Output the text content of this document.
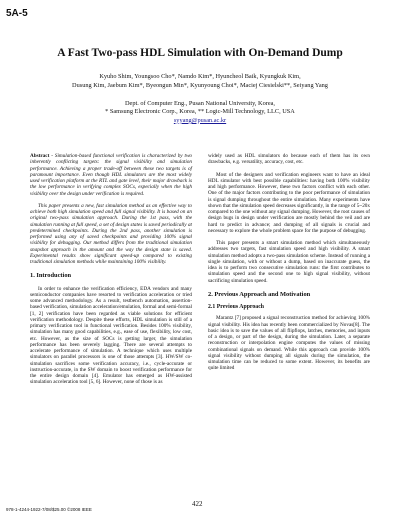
5A-5
A Fast Two-pass HDL Simulation with On-Demand Dump
Kyuho Shim, Youngsoo Cho*, Namdo Kim*, Hyuncheol Baik, Kyungkuk Kim,
Dusung Kim, Jaebum Kim*, Byeongun Min*, Kyunyoung Choi*, Maciej Ciesielski**, Seiyang Yang
Dept. of Computer Eng., Pusan National University, Korea,
* Samsung Electronic Corp., Korea, ** Logic-Mill Technology, LLC, USA
syyang@pusan.ac.kr

Abstract - Simulation-based functional verification is characterized by two inherently conflicting targets: the signal visibility and simulation performance. Achieving a proper trade-off between these two targets is of paramount importance. Even though HDL simulators are the most widely used verification platform at the RTL and gate level, their major drawback is the low performance in verifying complex SOCs, especially when the high visibility over the design under verification is required.

This paper presents a new, fast simulation method as an effective way to achieve both high simulation speed and full signal visibility. It is based on an original two-pass simulation approach. During the 1st pass, with the simulation running at full speed, a set of design states is saved periodically at predetermined checkpoints. During the 2nd pass, another simulation is performed using any of saved checkpoints and providing 100% signal visibility for debugging. Our method differs from the traditional simulation snapshot approach in the amount and the way the design state is saved. Experimental results show significant speed-up compared to existing traditional simulation methods while maintaining 100% visibility.

1. Introduction

In order to enhance the verification efficiency, EDA vendors and many semiconductor companies have resorted to verification acceleration or tried some advanced methodology. As a result, testbench automation, assertion-based verification, simulation acceleration/emulation, formal and semi-formal [1, 2] verification have been regarded as viable solutions for efficient verification methodology. Despite these efforts, HDL simulation is still of a primary verification tool in functional verification. Besides 100% visibility, simulation has many good capabilities, e.g., ease of use, flexibility, low cost, etc. However, as the size of SOCs is getting larger, the simulation performance has been severely lagging. There are several attempts to accelerate performance of simulation. A technique which uses multiple simulators on parallel processors is one of those attempts [3]. HW/SW co-simulation sacrifices some verification accuracy, i.e., cycle-accurate or instruction-accurate, in the SW domain to boost verification performance for the entire design domain [4]. Emulator has emerged as HW-assisted simulation acceleration tool [5, 6]. However, none of those is as

widely used as HDL simulators do because each of them has its own drawbacks, e.g. versatility, accuracy, cost, etc.

Most of the designers and verification engineers want to have an ideal HDL simulator with best possible capabilities: having both 100% visibility and high performance. However, these two factors conflict with each other. One of the major factors contributing to the poor performance of simulation is signal dumping throughout the entire simulation. Many experiments have shown that the simulation speed decreases significantly, in the range of 5~20x compared to the one without any signal dumping. However, the root causes of design bugs in design under verification are mostly behind the veil and are hard to predict in advance; and dumping of all signals is crucial and necessary to explore the whole problem space for the purpose of debugging.

This paper presents a smart simulation method which simultaneously addresses two targets, fast simulation speed and high visibility. A smart simulation method adopts a two-pass simulation scheme. Instead of running a single simulation, with or without a dump, based on inaccurate guess, the idea is to perform two consecutive simulation runs: the first contributes to simulation speed and the second one to high signal visibility, without sacrificing simulation speed.

2. Previous Approach and Motivation
2.1 Previous Approach

Marantz [7] proposed a signal reconstruction method for achieving 100% signal visibility. His idea has recently been commercialized by Novas[8]. The basic idea is to save the values of all flipflops, latches, memories, and inputs of a design, or part of the design, during the simulation. Later, a separate reconstruction or interpolation engine computes the values of missing combinational signals on demand. While this approach can provide 100% signal visibility without dumping all signals during the simulation, the simulation time can be reduced to some extent. However, its benefits are quite limited

978-1-4244-1922-7/08/$25.00 ©2008 IEEE
422
